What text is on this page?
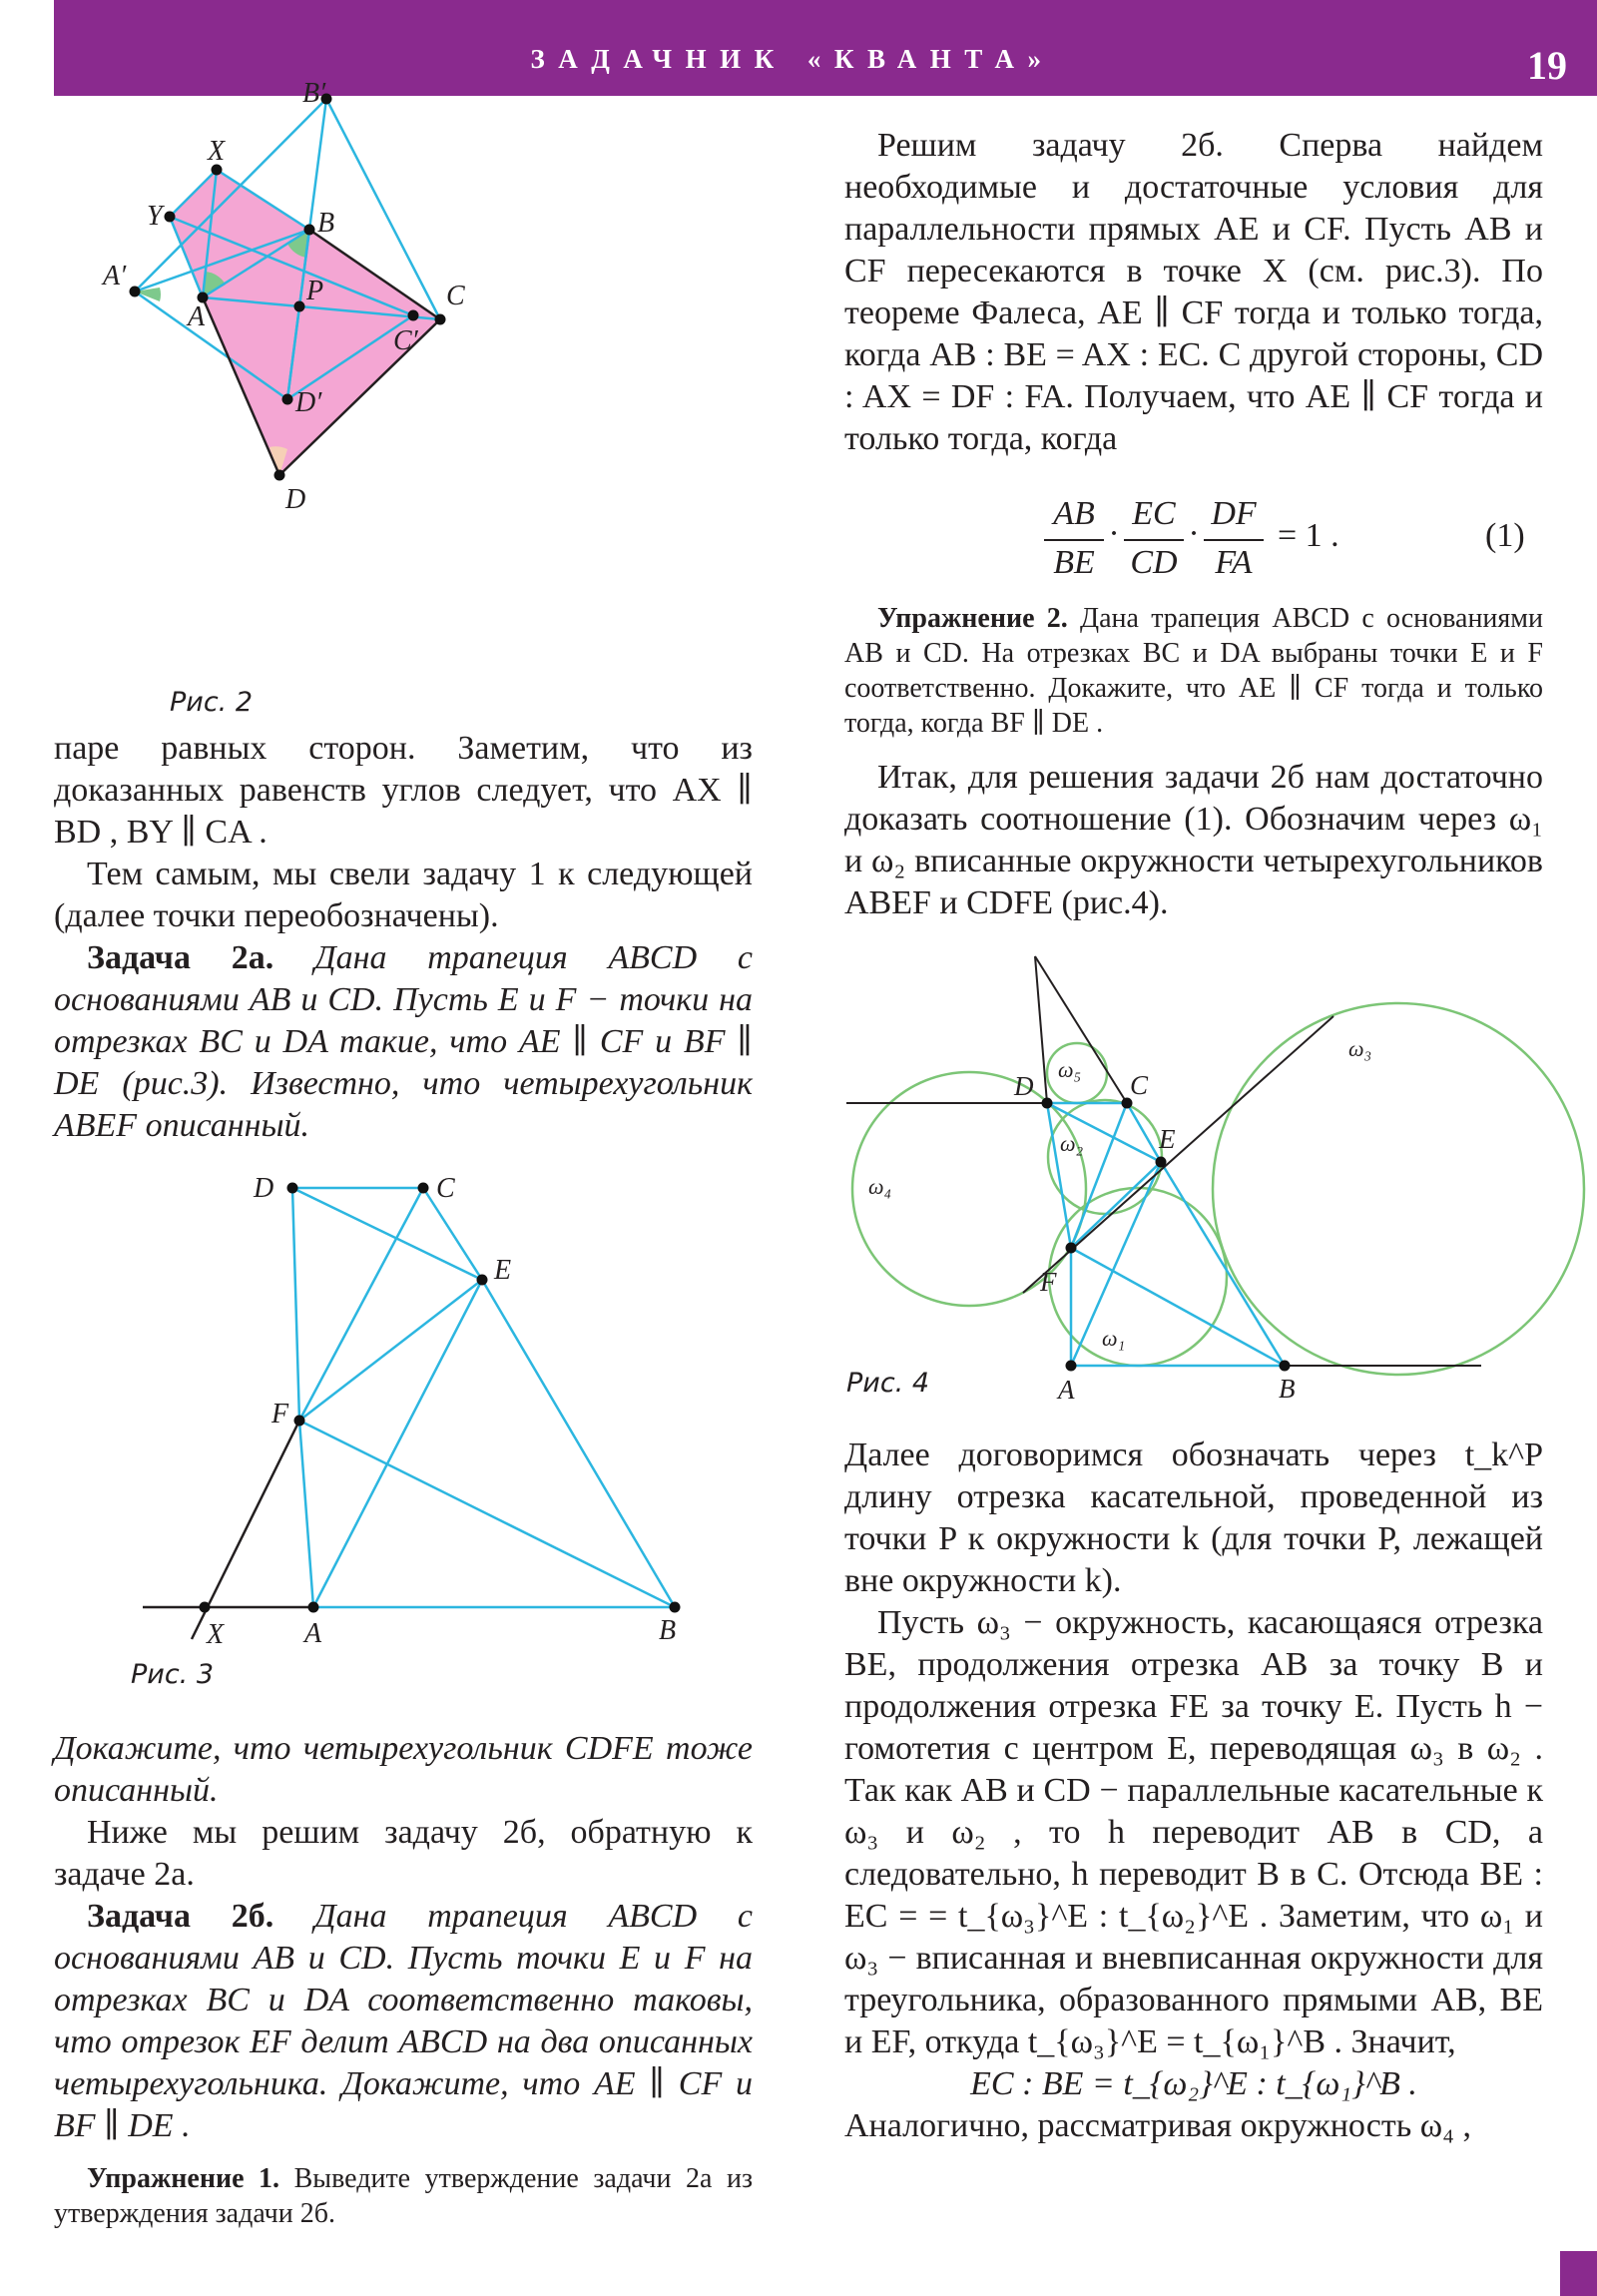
ЗАДАЧНИК «КВАНТА»	19
B′
X
Y	B
A′
A
P	C
C′
D′
D
Рис. 2

паре равных сторон. Заметим, что из доказанных равенств углов следует, что AX ∥ BD , BY ∥ CA .

Тем самым, мы свели задачу 1 к следующей (далее точки переобозначены).

Задача 2а. Дана трапеция ABCD с основаниями AB и CD. Пусть E и F − точки на отрезках BC и DA такие, что AE ∥ CF и BF ∥ DE (рис.3). Известно, что четырехугольник ABEF описанный.

D	C
E
F
X	A	B
Рис. 3

Докажите, что четырехугольник CDFE тоже описанный.

Ниже мы решим задачу 2б, обратную к задаче 2а.

Задача 2б. Дана трапеция ABCD с основаниями AB и CD. Пусть точки E и F на отрезках BC и DA соответственно таковы, что отрезок EF делит ABCD на два описанных четырехугольника. Докажите, что AE ∥ CF и BF ∥ DE .

Упражнение 1. Выведите утверждение задачи 2а из утверждения задачи 2б.

Решим задачу 2б. Сперва найдем необходимые и достаточные условия для параллельности прямых AE и CF. Пусть AB и CF пересекаются в точке X (см. рис.3). По теореме Фалеса, AE ∥ CF тогда и только тогда, когда AB : BE = AX : EC. С другой стороны, CD : AX = DF : FA. Получаем, что AE ∥ CF тогда и только тогда, когда

AB
BE
·
EC
CD
·
DF
FA
= 1 .	(1)

Упражнение 2. Дана трапеция ABCD с основаниями AB и CD. На отрезках BC и DA выбраны точки E и F соответственно. Докажите, что AE ∥ CF тогда и только тогда, когда BF ∥ DE .

Итак, для решения задачи 2б нам достаточно доказать соотношение (1). Обозначим через ω₁ и ω₂ вписанные окружности четырехугольников ABEF и CDFE (рис.4).

D	C
E
F
A	B
ω₁
ω₂
ω₃
ω₄
ω₅
Рис. 4

Далее договоримся обозначать через t_k^P длину отрезка касательной, проведенной из точки P к окружности k (для точки P, лежащей вне окружности k).

Пусть ω₃ − окружность, касающаяся отрезка BE, продолжения отрезка AB за точку B и продолжения отрезка FE за точку E. Пусть h − гомотетия с центром E, переводящая ω₃ в ω₂ . Так как AB и CD − параллельные касательные к ω₃ и ω₂ , то h переводит AB в CD, а следовательно, h переводит B в C. Отсюда BE : EC = = t_{ω₃}^E : t_{ω₂}^E . Заметим, что ω₁ и ω₃ − вписанная и вневписанная окружности для треугольника, образованного прямыми AB, BE и EF, откуда t_{ω₃}^E = t_{ω₁}^B . Значит,

EC : BE = t_{ω₂}^E : t_{ω₁}^B .

Аналогично, рассматривая окружность ω₄ ,
